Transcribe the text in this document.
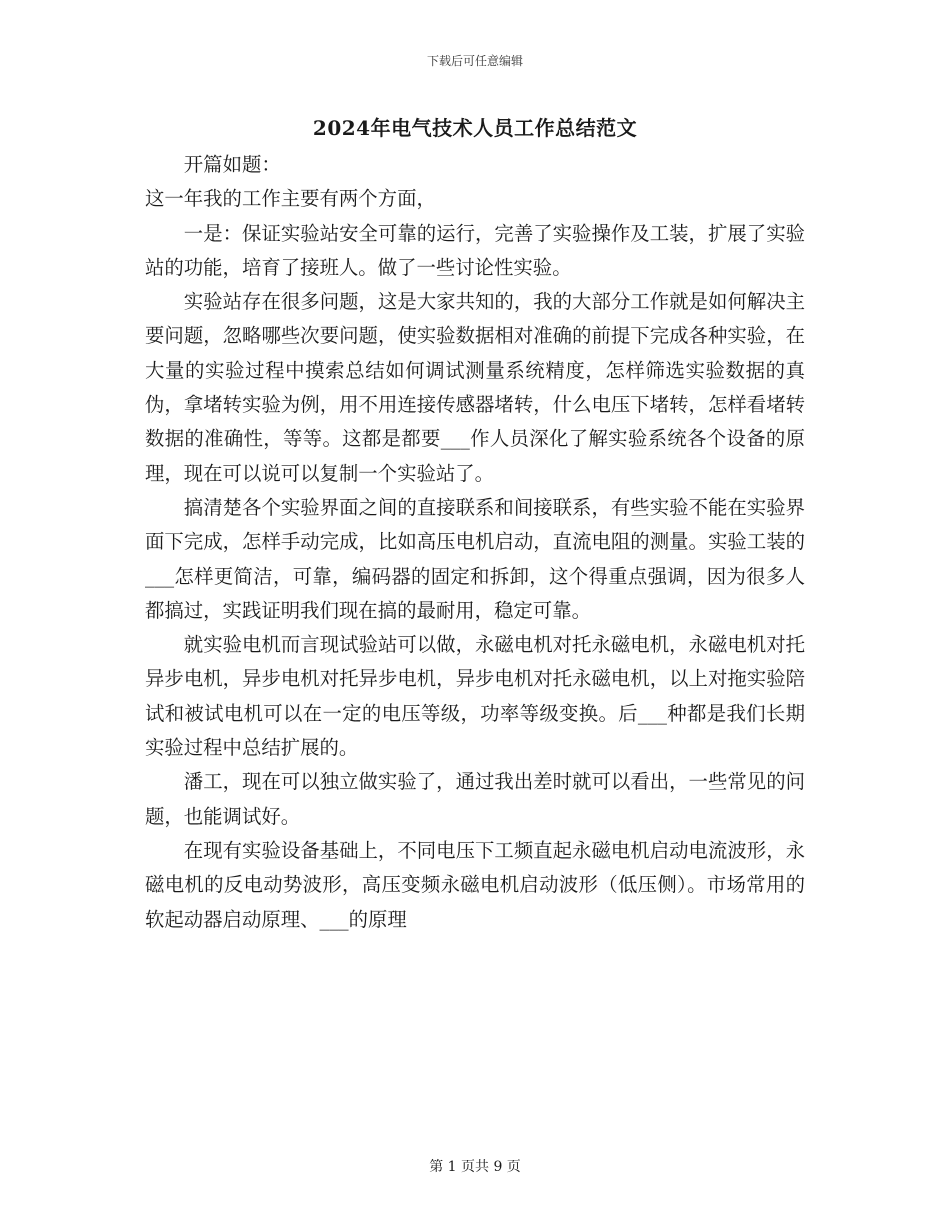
下载后可任意编辑
2024年电气技术人员工作总结范文

开篇如题：

这一年我的工作主要有两个方面，

一是：保证实验站安全可靠的运行，完善了实验操作及工装，扩展了实验站的功能，培育了接班人。做了一些讨论性实验。

实验站存在很多问题，这是大家共知的，我的大部分工作就是如何解决主要问题，忽略哪些次要问题，使实验数据相对准确的前提下完成各种实验，在大量的实验过程中摸索总结如何调试测量系统精度，怎样筛选实验数据的真伪，拿堵转实验为例，用不用连接传感器堵转，什么电压下堵转，怎样看堵转数据的准确性，等等。这都是都要___作人员深化了解实验系统各个设备的原理，现在可以说可以复制一个实验站了。

搞清楚各个实验界面之间的直接联系和间接联系，有些实验不能在实验界面下完成，怎样手动完成，比如高压电机启动，直流电阻的测量。实验工装的___怎样更简洁，可靠，编码器的固定和拆卸，这个得重点强调，因为很多人都搞过，实践证明我们现在搞的最耐用，稳定可靠。

就实验电机而言现试验站可以做，永磁电机对托永磁电机，永磁电机对托异步电机，异步电机对托异步电机，异步电机对托永磁电机，以上对拖实验陪试和被试电机可以在一定的电压等级，功率等级变换。后___种都是我们长期实验过程中总结扩展的。

潘工，现在可以独立做实验了，通过我出差时就可以看出，一些常见的问题，也能调试好。

在现有实验设备基础上，不同电压下工频直起永磁电机启动电流波形，永磁电机的反电动势波形，高压变频永磁电机启动波形（低压侧）。市场常用的软起动器启动原理、___的原理

第 1 页共 9 页
